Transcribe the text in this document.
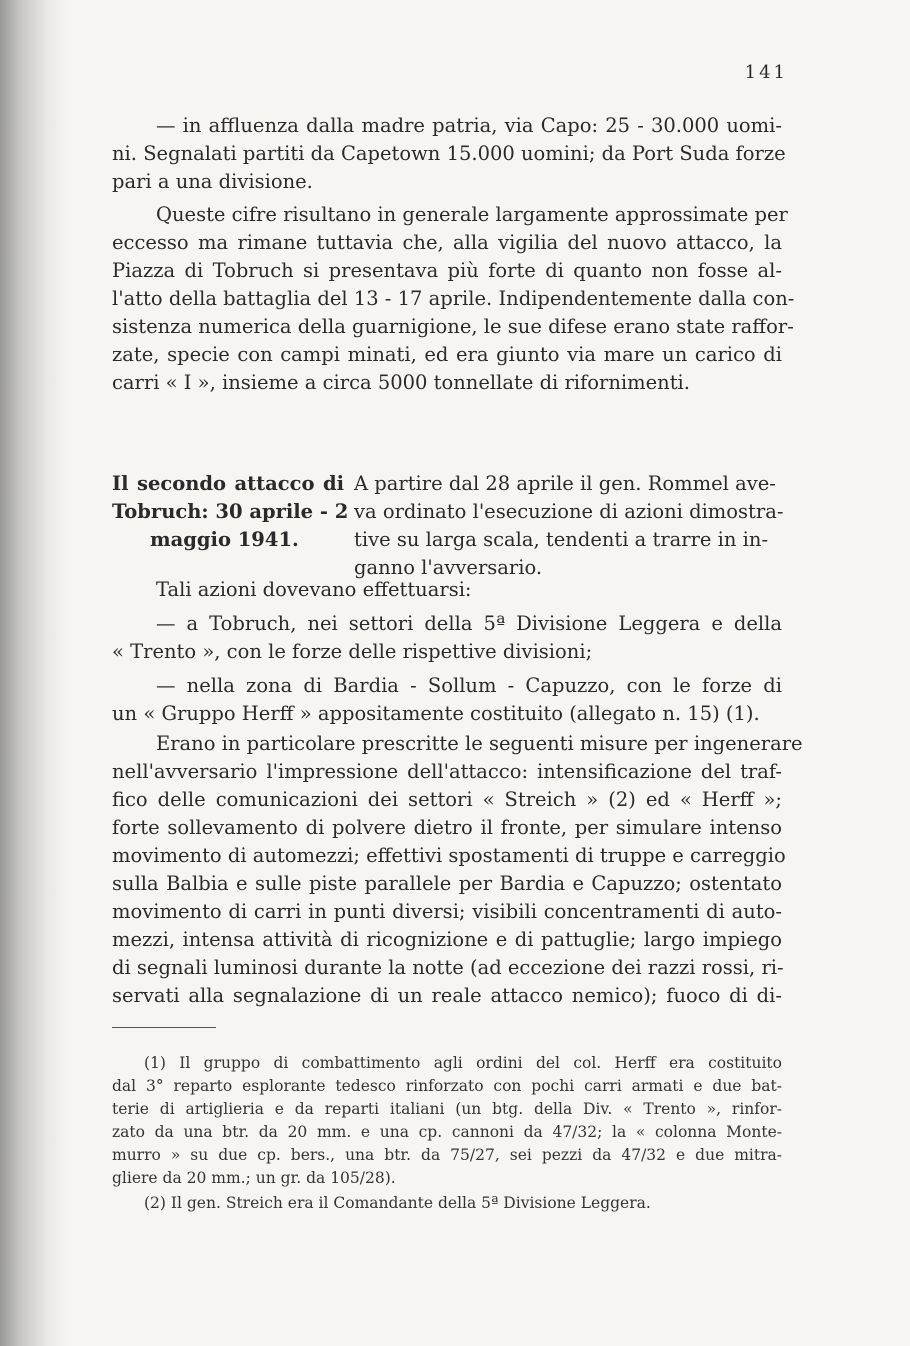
141
— in affluenza dalla madre patria, via Capo: 25 - 30.000 uomi-
ni. Segnalati partiti da Capetown 15.000 uomini; da Port Suda forze
pari a una divisione.
Queste cifre risultano in generale largamente approssimate per
eccesso ma rimane tuttavia che, alla vigilia del nuovo attacco, la
Piazza di Tobruch si presentava più forte di quanto non fosse al-
l'atto della battaglia del 13 - 17 aprile. Indipendentemente dalla con-
sistenza numerica della guarnigione, le sue difese erano state raffor-
zate, specie con campi minati, ed era giunto via mare un carico di
carri « I », insieme a circa 5000 tonnellate di rifornimenti.
Il secondo attacco di
Tobruch: 30 aprile - 2
maggio 1941.
A partire dal 28 aprile il gen. Rommel ave-
va ordinato l'esecuzione di azioni dimostra-
tive su larga scala, tendenti a trarre in in-
ganno l'avversario.
Tali azioni dovevano effettuarsi:
— a Tobruch, nei settori della 5ª Divisione Leggera e della
« Trento », con le forze delle rispettive divisioni;
— nella zona di Bardia - Sollum - Capuzzo, con le forze di
un « Gruppo Herff » appositamente costituito (allegato n. 15) (1).
Erano in particolare prescritte le seguenti misure per ingenerare
nell'avversario l'impressione dell'attacco: intensificazione del traf-
fico delle comunicazioni dei settori « Streich » (2) ed « Herff »;
forte sollevamento di polvere dietro il fronte, per simulare intenso
movimento di automezzi; effettivi spostamenti di truppe e carreggio
sulla Balbia e sulle piste parallele per Bardia e Capuzzo; ostentato
movimento di carri in punti diversi; visibili concentramenti di auto-
mezzi, intensa attività di ricognizione e di pattuglie; largo impiego
di segnali luminosi durante la notte (ad eccezione dei razzi rossi, ri-
servati alla segnalazione di un reale attacco nemico); fuoco di di-
(1) Il gruppo di combattimento agli ordini del col. Herff era costituito
dal 3° reparto esplorante tedesco rinforzato con pochi carri armati e due bat-
terie di artiglieria e da reparti italiani (un btg. della Div. « Trento », rinfor-
zato da una btr. da 20 mm. e una cp. cannoni da 47/32; la « colonna Monte-
murro » su due cp. bers., una btr. da 75/27, sei pezzi da 47/32 e due mitra-
gliere da 20 mm.; un gr. da 105/28).
(2) Il gen. Streich era il Comandante della 5ª Divisione Leggera.
